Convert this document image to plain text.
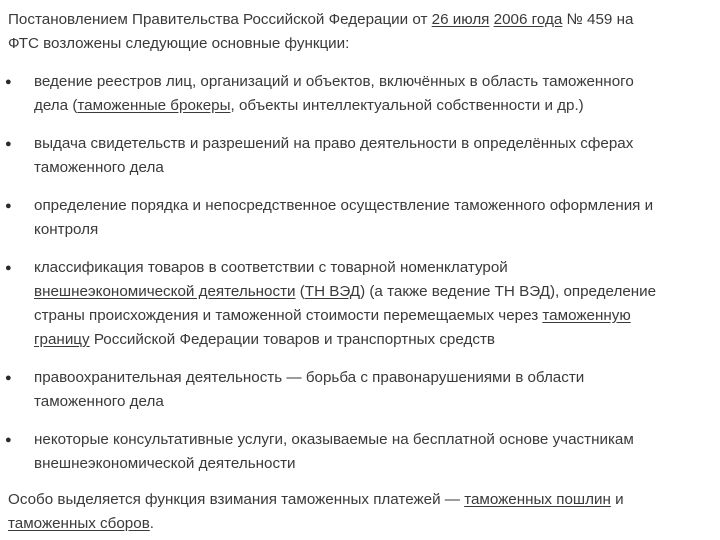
Постановлением Правительства Российской Федерации от 26 июля 2006 года № 459 на
ФТС возложены следующие основные функции:

● ведение реестров лиц, организаций и объектов, включённых в область таможенного
дела (таможенные брокеры, объекты интеллектуальной собственности и др.)
● выдача свидетельств и разрешений на право деятельности в определённых сферах
таможенного дела
● определение порядка и непосредственное осуществление таможенного оформления и
контроля
● классификация товаров в соответствии с товарной номенклатурой
внешнеэкономической деятельности (ТН ВЭД) (а также ведение ТН ВЭД), определение
страны происхождения и таможенной стоимости перемещаемых через таможенную
границу Российской Федерации товаров и транспортных средств
● правоохранительная деятельность — борьба с правонарушениями в области
таможенного дела
● некоторые консультативные услуги, оказываемые на бесплатной основе участникам
внешнеэкономической деятельности

Особо выделяется функция взимания таможенных платежей — таможенных пошлин и
таможенных сборов.
